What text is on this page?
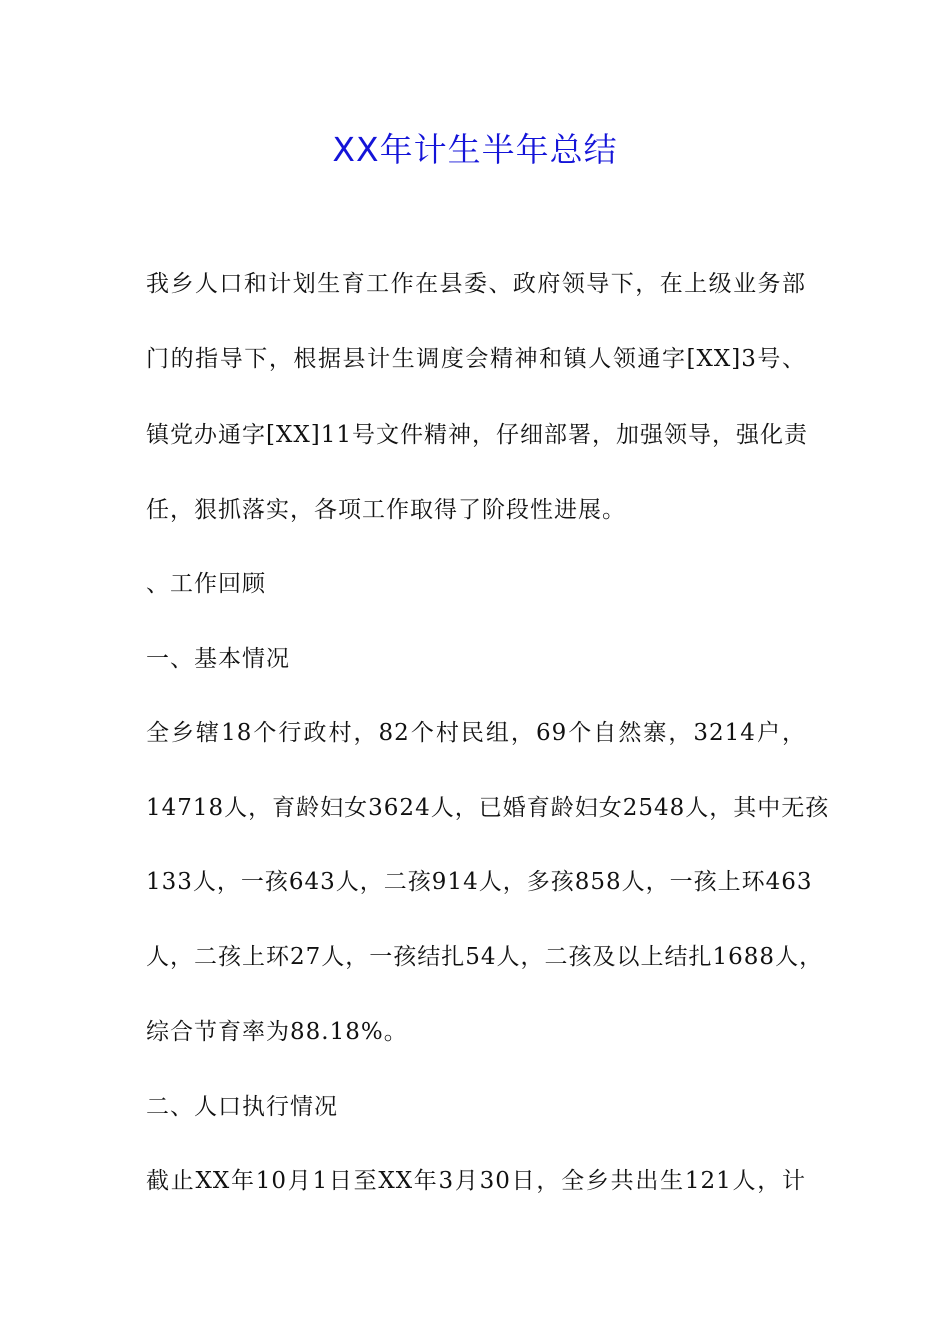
XX年计生半年总结
我乡人口和计划生育工作在县委、政府领导下，在上级业务部
门的指导下，根据县计生调度会精神和镇人领通字[XX]3号、
镇党办通字[XX]11号文件精神，仔细部署，加强领导，强化责
任，狠抓落实，各项工作取得了阶段性进展。
、工作回顾
一、基本情况
全乡辖18个行政村，82个村民组，69个自然寨，3214户，
14718人，育龄妇女3624人，已婚育龄妇女2548人，其中无孩
133人，一孩643人，二孩914人，多孩858人，一孩上环463
人，二孩上环27人，一孩结扎54人，二孩及以上结扎1688人，
综合节育率为88.18%。
二、人口执行情况
截止XX年10月1日至XX年3月30日，全乡共出生121人，计
